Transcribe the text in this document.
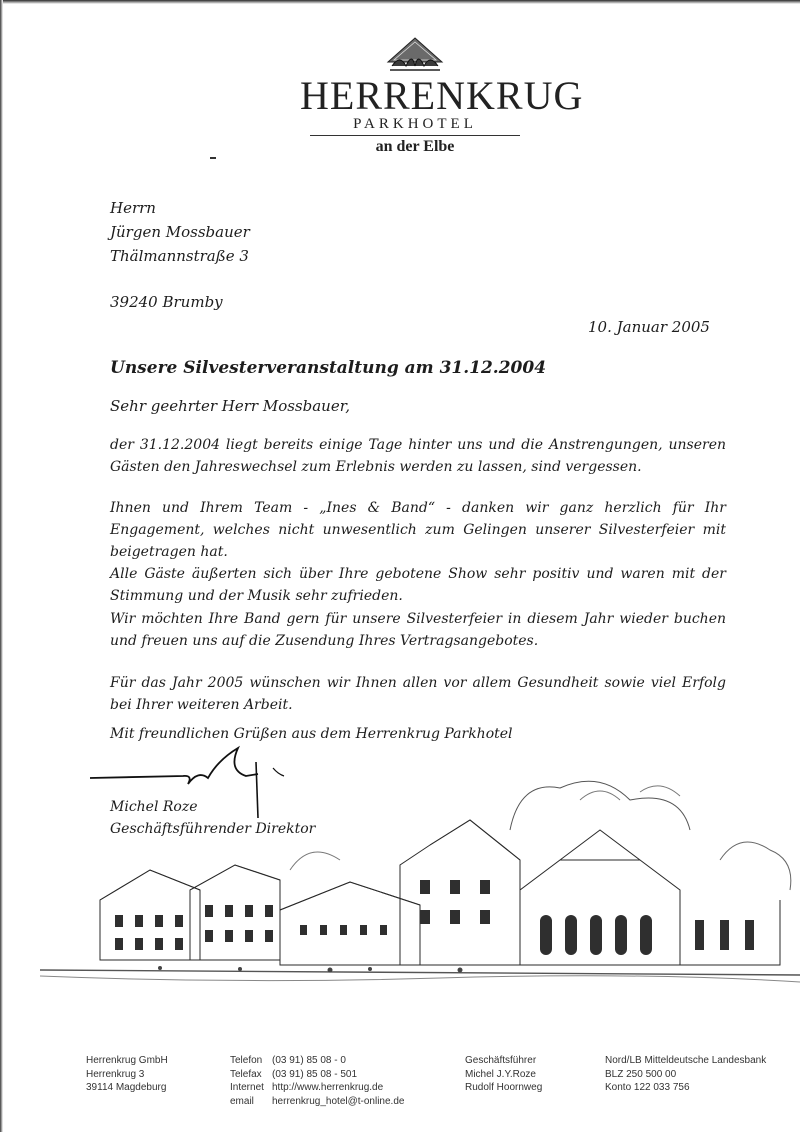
HERRENKRUG
PARKHOTEL
an der Elbe
Herrn
Jürgen Mossbauer
Thälmannstraße 3
39240 Brumby
10. Januar 2005
Unsere Silvesterveranstaltung am 31.12.2004
Sehr geehrter Herr Mossbauer,
der 31.12.2004 liegt bereits einige Tage hinter uns und die Anstrengungen, unseren Gästen den Jahreswechsel zum Erlebnis werden zu lassen, sind vergessen.
Ihnen und Ihrem Team - „Ines & Band“ - danken wir ganz herzlich für Ihr Engagement, welches nicht unwesentlich zum Gelingen unserer Silvesterfeier mit beigetragen hat.
Alle Gäste äußerten sich über Ihre gebotene Show sehr positiv und waren mit der Stimmung und der Musik sehr zufrieden.
Wir möchten Ihre Band gern für unsere Silvesterfeier in diesem Jahr wieder buchen und freuen uns auf die Zusendung Ihres Vertragsangebotes.
Für das Jahr 2005 wünschen wir Ihnen allen vor allem Gesundheit sowie viel Erfolg bei Ihrer weiteren Arbeit.
Mit freundlichen Grüßen aus dem Herrenkrug Parkhotel
Michel Roze
Geschäftsführender Direktor
Herrenkrug GmbH
Herrenkrug 3
39114 Magdeburg
Telefon (03 91) 85 08 - 0
Telefax (03 91) 85 08 - 501
Internet http://www.herrenkrug.de
email herrenkrug_hotel@t-online.de
Geschäftsführer
Michel J.Y.Roze
Rudolf Hoornweg
Nord/LB Mitteldeutsche Landesbank
BLZ 250 500 00
Konto 122 033 756
